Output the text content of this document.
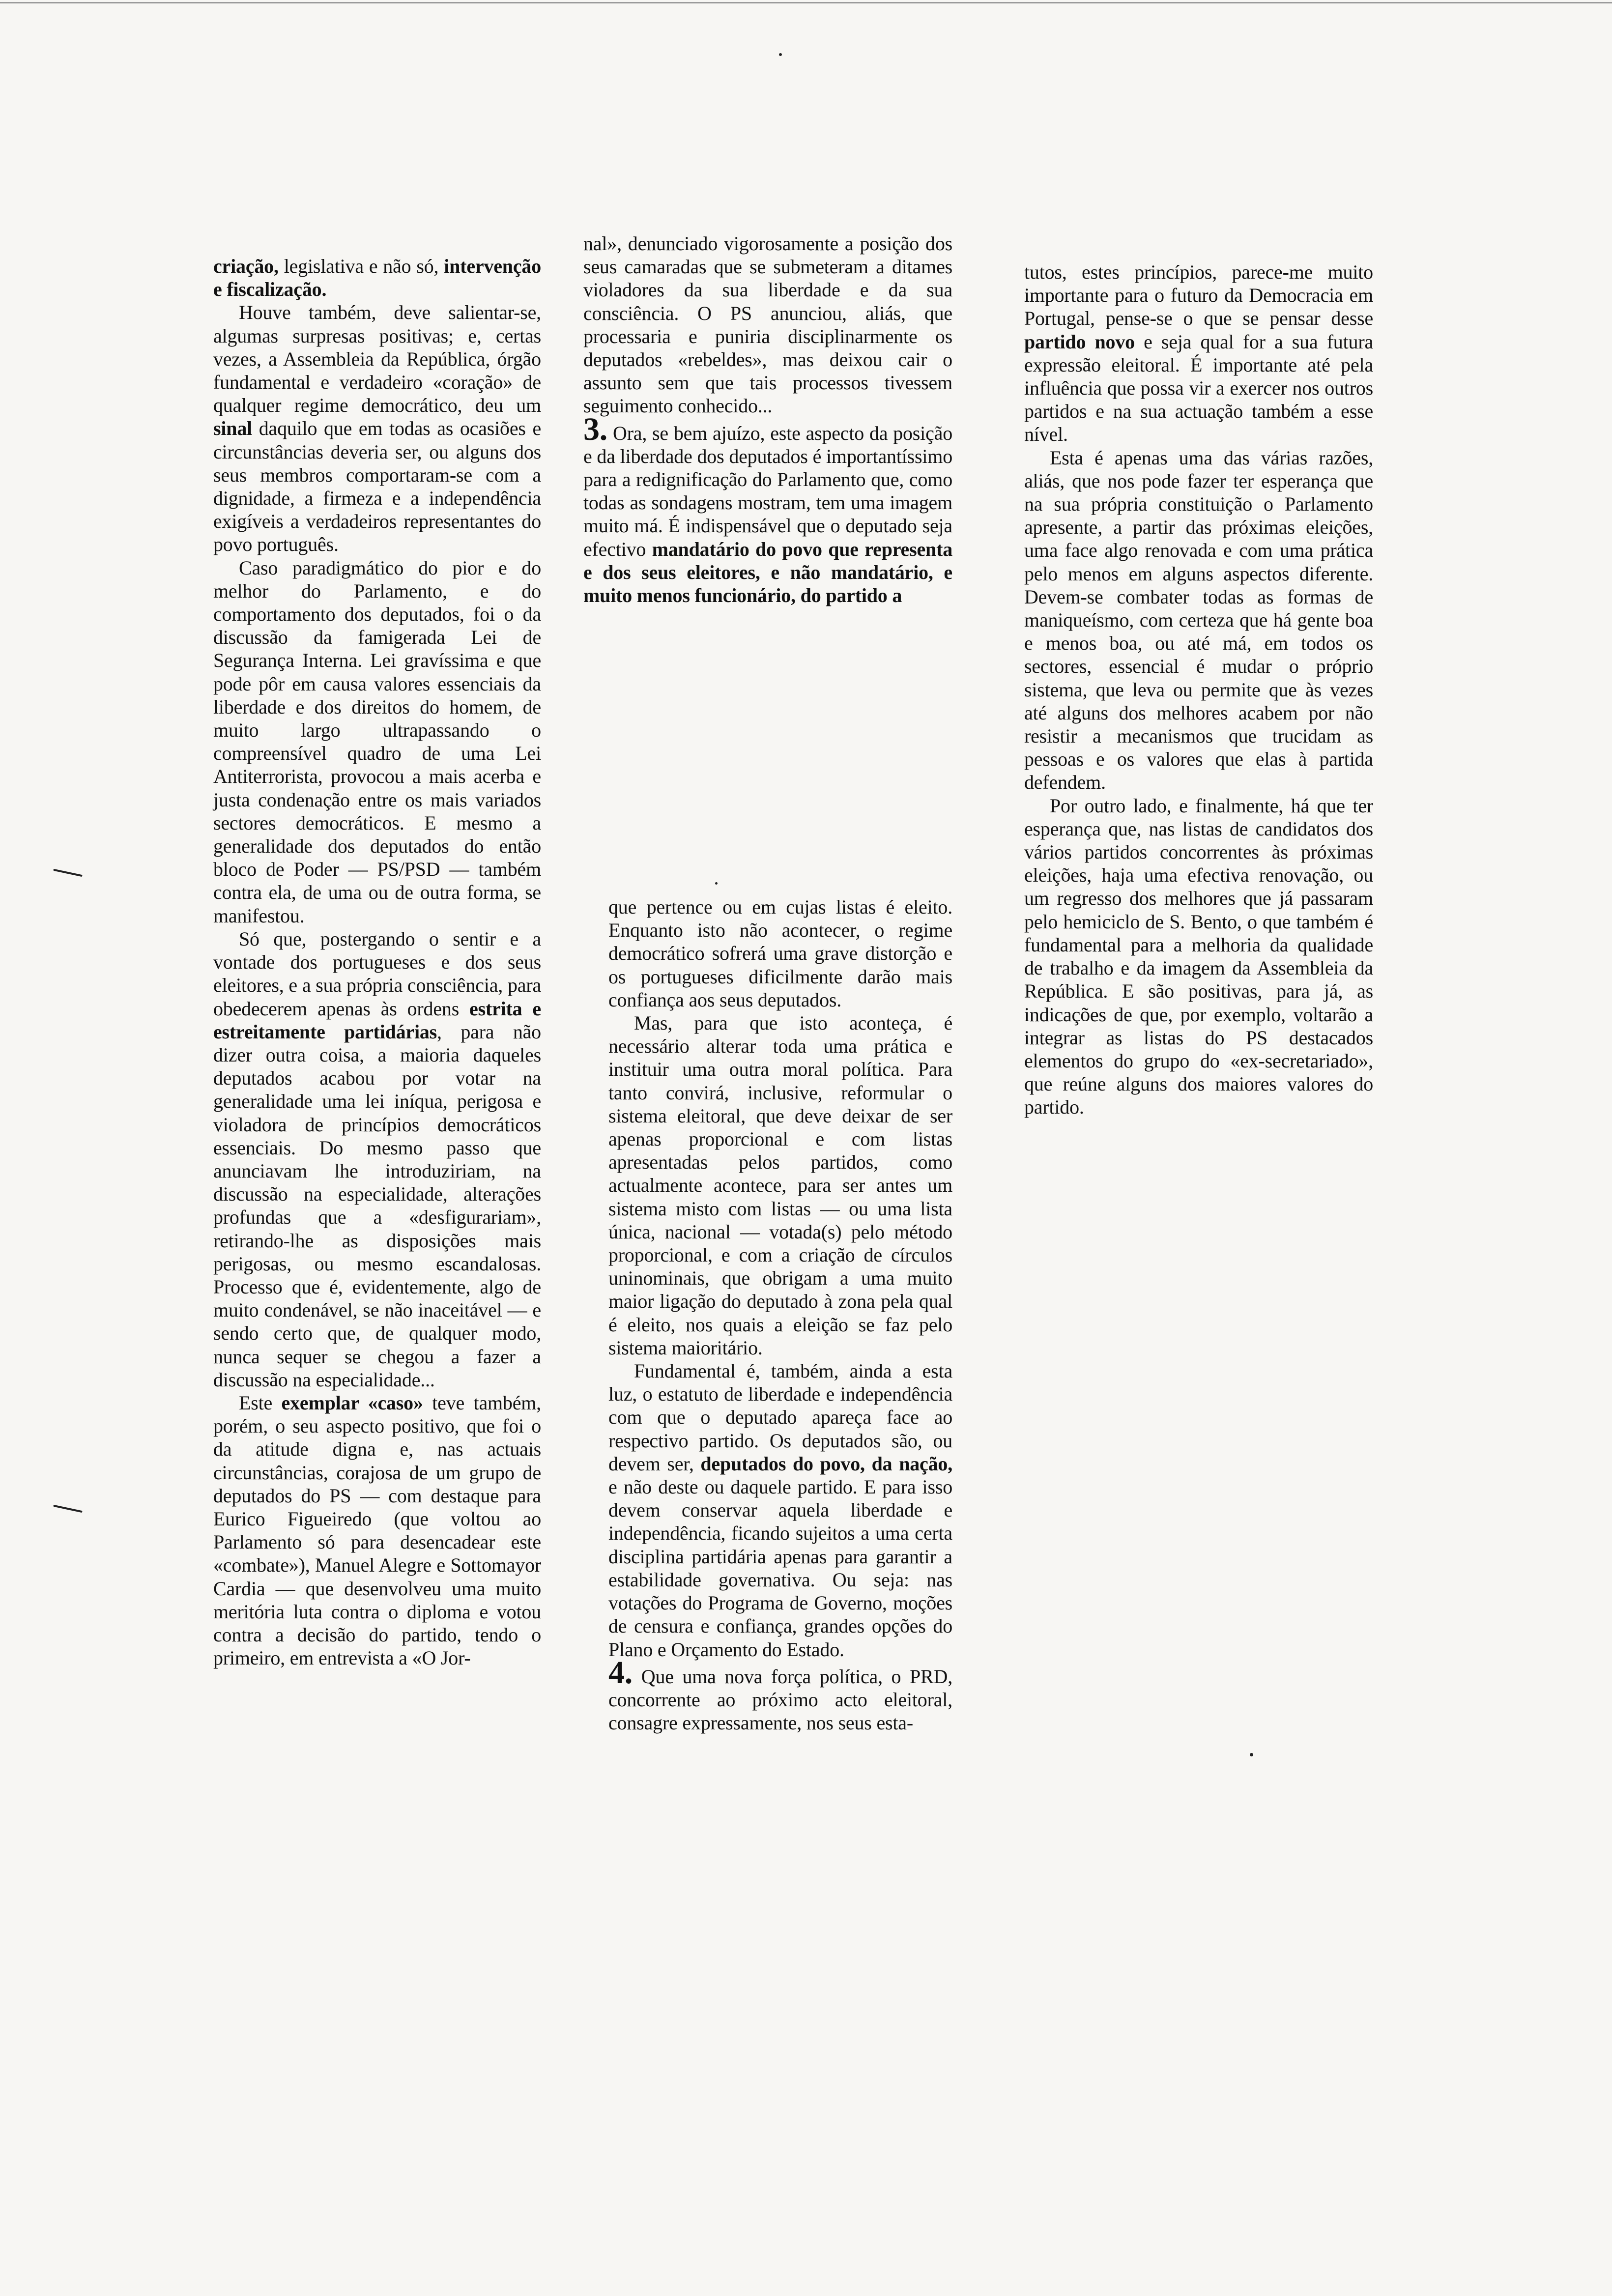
criação, legislativa e não só, intervenção e fiscalização.

Houve também, deve salientar-se, algumas surpresas positivas; e, certas vezes, a Assembleia da República, órgão fundamental e verdadeiro «coração» de qualquer regime democrático, deu um sinal daquilo que em todas as ocasiões e circunstâncias deveria ser, ou alguns dos seus membros comportaram-se com a dignidade, a firmeza e a independência exigíveis a verdadeiros representantes do povo português.

Caso paradigmático do pior e do melhor do Parlamento, e do comportamento dos deputados, foi o da discussão da famigerada Lei de Segurança Interna. Lei gravíssima e que pode pôr em causa valores essenciais da liberdade e dos direitos do homem, de muito largo ultrapassando o compreensível quadro de uma Lei Antiterrorista, provocou a mais acerba e justa condenação entre os mais variados sectores democráticos. E mesmo a generalidade dos deputados do então bloco de Poder — PS/PSD — também contra ela, de uma ou de outra forma, se manifestou.

Só que, postergando o sentir e a vontade dos portugueses e dos seus eleitores, e a sua própria consciência, para obedecerem apenas às ordens estrita e estreitamente partidárias, para não dizer outra coisa, a maioria daqueles deputados acabou por votar na generalidade uma lei iníqua, perigosa e violadora de princípios democráticos essenciais. Do mesmo passo que anunciavam lhe introduziriam, na discussão na especialidade, alterações profundas que a «desfigurariam», retirando-lhe as disposições mais perigosas, ou mesmo escandalosas. Processo que é, evidentemente, algo de muito condenável, se não inaceitável — e sendo certo que, de qualquer modo, nunca sequer se chegou a fazer a discussão na especialidade...

Este exemplar «caso» teve também, porém, o seu aspecto positivo, que foi o da atitude digna e, nas actuais circunstâncias, corajosa de um grupo de deputados do PS — com destaque para Eurico Figueiredo (que voltou ao Parlamento só para desencadear este «combate»), Manuel Alegre e Sottomayor Cardia — que desenvolveu uma muito meritória luta contra o diploma e votou contra a decisão do partido, tendo o primeiro, em entrevista a «O Jor-

nal», denunciado vigorosamente a posição dos seus camaradas que se submeteram a ditames violadores da sua liberdade e da sua consciência. O PS anunciou, aliás, que processaria e puniria disciplinarmente os deputados «rebeldes», mas deixou cair o assunto sem que tais processos tivessem seguimento conhecido...

3. Ora, se bem ajuízo, este aspecto da posição e da liberdade dos deputados é importantíssimo para a redignificação do Parlamento que, como todas as sondagens mostram, tem uma imagem muito má. É indispensável que o deputado seja efectivo mandatário do povo que representa e dos seus eleitores, e não mandatário, e muito menos funcionário, do partido a

que pertence ou em cujas listas é eleito. Enquanto isto não acontecer, o regime democrático sofrerá uma grave distorção e os portugueses dificilmente darão mais confiança aos seus deputados.

Mas, para que isto aconteça, é necessário alterar toda uma prática e instituir uma outra moral política. Para tanto convirá, inclusive, reformular o sistema eleitoral, que deve deixar de ser apenas proporcional e com listas apresentadas pelos partidos, como actualmente acontece, para ser antes um sistema misto com listas — ou uma lista única, nacional — votada(s) pelo método proporcional, e com a criação de círculos uninominais, que obrigam a uma muito maior ligação do deputado à zona pela qual é eleito, nos quais a eleição se faz pelo sistema maioritário.

Fundamental é, também, ainda a esta luz, o estatuto de liberdade e independência com que o deputado apareça face ao respectivo partido. Os deputados são, ou devem ser, deputados do povo, da nação, e não deste ou daquele partido. E para isso devem conservar aquela liberdade e independência, ficando sujeitos a uma certa disciplina partidária apenas para garantir a estabilidade governativa. Ou seja: nas votações do Programa de Governo, moções de censura e confiança, grandes opções do Plano e Orçamento do Estado.

4. Que uma nova força política, o PRD, concorrente ao próximo acto eleitoral, consagre expressamente, nos seus esta-

tutos, estes princípios, parece-me muito importante para o futuro da Democracia em Portugal, pense-se o que se pensar desse partido novo e seja qual for a sua futura expressão eleitoral. É importante até pela influência que possa vir a exercer nos outros partidos e na sua actuação também a esse nível.

Esta é apenas uma das várias razões, aliás, que nos pode fazer ter esperança que na sua própria constituição o Parlamento apresente, a partir das próximas eleições, uma face algo renovada e com uma prática pelo menos em alguns aspectos diferente. Devem-se combater todas as formas de maniqueísmo, com certeza que há gente boa e menos boa, ou até má, em todos os sectores, essencial é mudar o próprio sistema, que leva ou permite que às vezes até alguns dos melhores acabem por não resistir a mecanismos que trucidam as pessoas e os valores que elas à partida defendem.

Por outro lado, e finalmente, há que ter esperança que, nas listas de candidatos dos vários partidos concorrentes às próximas eleições, haja uma efectiva renovação, ou um regresso dos melhores que já passaram pelo hemiciclo de S. Bento, o que também é fundamental para a melhoria da qualidade de trabalho e da imagem da Assembleia da República. E são positivas, para já, as indicações de que, por exemplo, voltarão a integrar as listas do PS destacados elementos do grupo do «ex-secretariado», que reúne alguns dos maiores valores do partido.
